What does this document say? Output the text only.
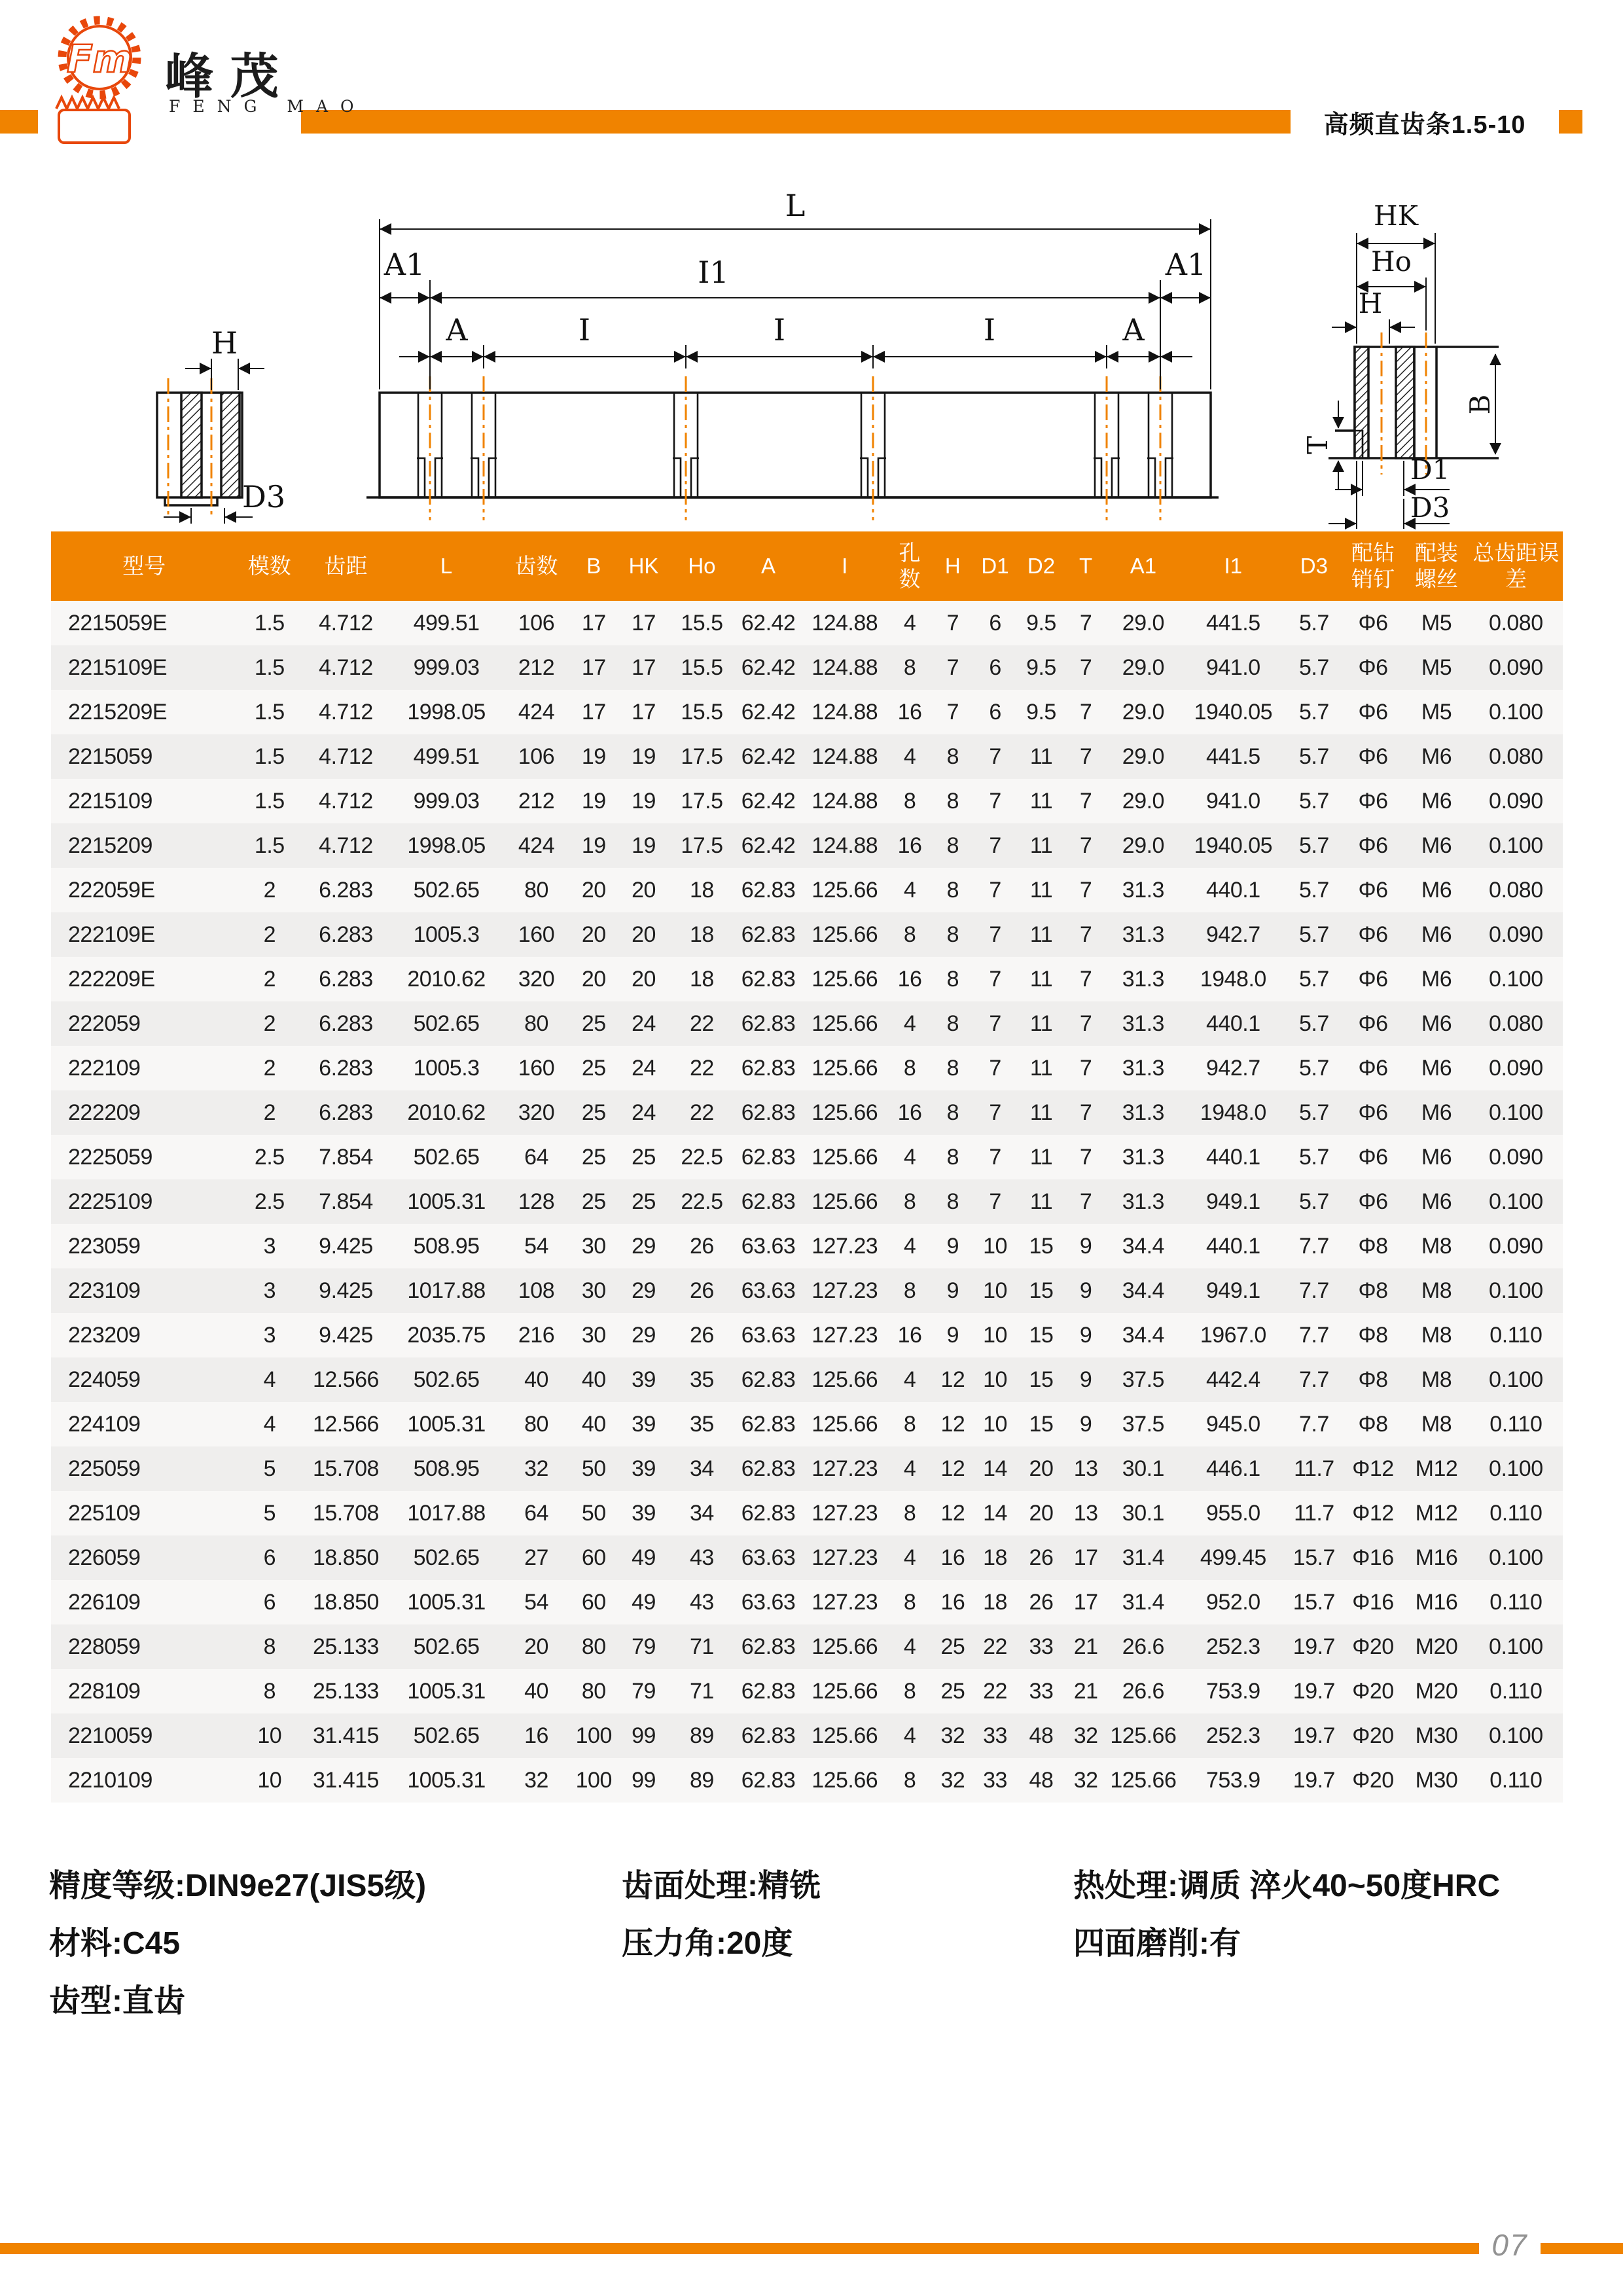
高频直齿条1.5-10
Fm 峰 茂
FENG MAO
H
D3
L
A1	I1	A1
A	I	I	I	A
HK
Ho
H
B
T
D1
D3
型号	模数	齿距	L	齿数	B	HK	Ho	A	I	孔数	H	D1	D2	T	A1	I1	D3	配钻销钉	配装螺丝	总齿距误差
2215059E	1.5	4.712	499.51	106	17	17	15.5	62.42	124.88	4	7	6	9.5	7	29.0	441.5	5.7	Φ6	M5	0.080
2215109E	1.5	4.712	999.03	212	17	17	15.5	62.42	124.88	8	7	6	9.5	7	29.0	941.0	5.7	Φ6	M5	0.090
2215209E	1.5	4.712	1998.05	424	17	17	15.5	62.42	124.88	16	7	6	9.5	7	29.0	1940.05	5.7	Φ6	M5	0.100
2215059	1.5	4.712	499.51	106	19	19	17.5	62.42	124.88	4	8	7	11	7	29.0	441.5	5.7	Φ6	M6	0.080
2215109	1.5	4.712	999.03	212	19	19	17.5	62.42	124.88	8	8	7	11	7	29.0	941.0	5.7	Φ6	M6	0.090
2215209	1.5	4.712	1998.05	424	19	19	17.5	62.42	124.88	16	8	7	11	7	29.0	1940.05	5.7	Φ6	M6	0.100
222059E	2	6.283	502.65	80	20	20	18	62.83	125.66	4	8	7	11	7	31.3	440.1	5.7	Φ6	M6	0.080
222109E	2	6.283	1005.3	160	20	20	18	62.83	125.66	8	8	7	11	7	31.3	942.7	5.7	Φ6	M6	0.090
222209E	2	6.283	2010.62	320	20	20	18	62.83	125.66	16	8	7	11	7	31.3	1948.0	5.7	Φ6	M6	0.100
222059	2	6.283	502.65	80	25	24	22	62.83	125.66	4	8	7	11	7	31.3	440.1	5.7	Φ6	M6	0.080
222109	2	6.283	1005.3	160	25	24	22	62.83	125.66	8	8	7	11	7	31.3	942.7	5.7	Φ6	M6	0.090
222209	2	6.283	2010.62	320	25	24	22	62.83	125.66	16	8	7	11	7	31.3	1948.0	5.7	Φ6	M6	0.100
2225059	2.5	7.854	502.65	64	25	25	22.5	62.83	125.66	4	8	7	11	7	31.3	440.1	5.7	Φ6	M6	0.090
2225109	2.5	7.854	1005.31	128	25	25	22.5	62.83	125.66	8	8	7	11	7	31.3	949.1	5.7	Φ6	M6	0.100
223059	3	9.425	508.95	54	30	29	26	63.63	127.23	4	9	10	15	9	34.4	440.1	7.7	Φ8	M8	0.090
223109	3	9.425	1017.88	108	30	29	26	63.63	127.23	8	9	10	15	9	34.4	949.1	7.7	Φ8	M8	0.100
223209	3	9.425	2035.75	216	30	29	26	63.63	127.23	16	9	10	15	9	34.4	1967.0	7.7	Φ8	M8	0.110
224059	4	12.566	502.65	40	40	39	35	62.83	125.66	4	12	10	15	9	37.5	442.4	7.7	Φ8	M8	0.100
224109	4	12.566	1005.31	80	40	39	35	62.83	125.66	8	12	10	15	9	37.5	945.0	7.7	Φ8	M8	0.110
225059	5	15.708	508.95	32	50	39	34	62.83	127.23	4	12	14	20	13	30.1	446.1	11.7	Φ12	M12	0.100
225109	5	15.708	1017.88	64	50	39	34	62.83	127.23	8	12	14	20	13	30.1	955.0	11.7	Φ12	M12	0.110
226059	6	18.850	502.65	27	60	49	43	63.63	127.23	4	16	18	26	17	31.4	499.45	15.7	Φ16	M16	0.100
226109	6	18.850	1005.31	54	60	49	43	63.63	127.23	8	16	18	26	17	31.4	952.0	15.7	Φ16	M16	0.110
228059	8	25.133	502.65	20	80	79	71	62.83	125.66	4	25	22	33	21	26.6	252.3	19.7	Φ20	M20	0.100
228109	8	25.133	1005.31	40	80	79	71	62.83	125.66	8	25	22	33	21	26.6	753.9	19.7	Φ20	M20	0.110
2210059	10	31.415	502.65	16	100	99	89	62.83	125.66	4	32	33	48	32	125.66	252.3	19.7	Φ20	M30	0.100
2210109	10	31.415	1005.31	32	100	99	89	62.83	125.66	8	32	33	48	32	125.66	753.9	19.7	Φ20	M30	0.110
精度等级:DIN9e27(JIS5级)
材料:C45
齿型:直齿
齿面处理:精铣
压力角:20度
热处理:调质 淬火40~50度HRC
四面磨削:有
07
